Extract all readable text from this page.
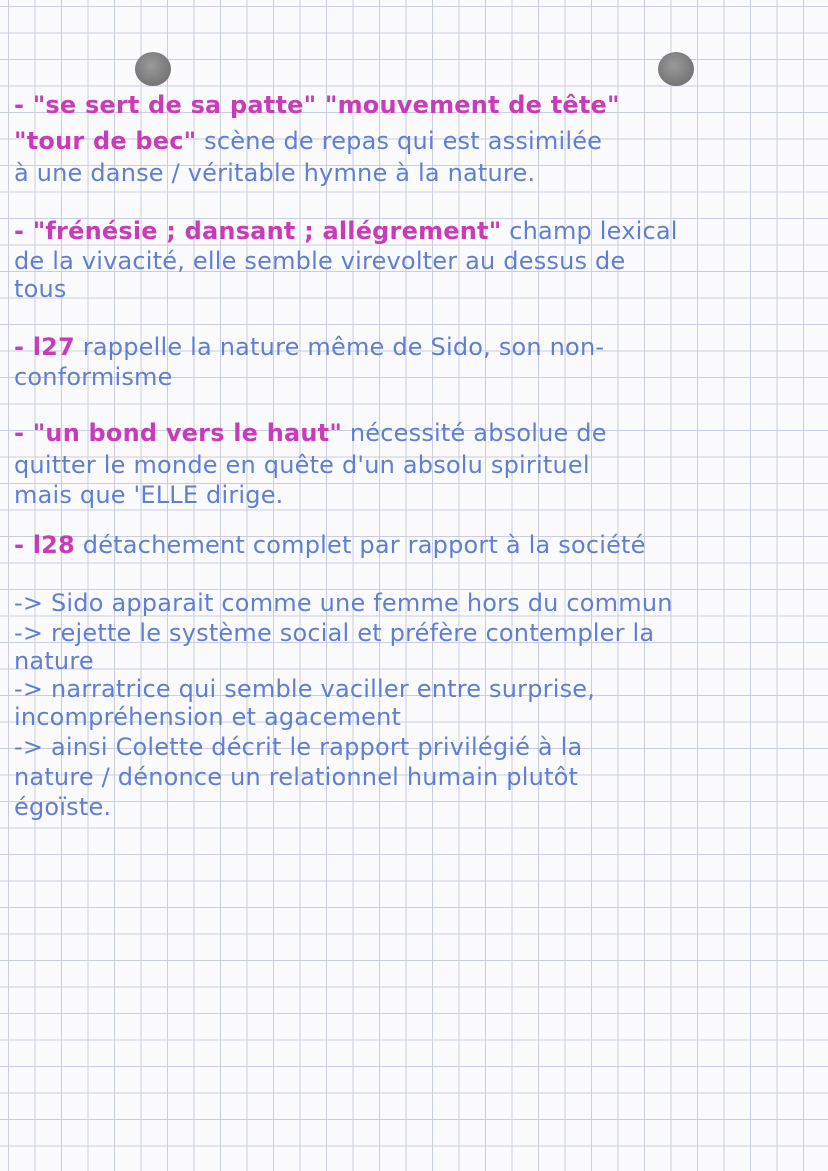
- "se sert de sa patte" "mouvement de tête"
"tour de bec" scène de repas qui est assimilée
à une danse / véritable hymne à la nature.
- "frénésie ; dansant ; allégrement" champ lexical
de la vivacité, elle semble virevolter au dessus de
tous
- l27 rappelle la nature même de Sido, son non-
conformisme
- "un bond vers le haut" nécessité absolue de
quitter le monde en quête d'un absolu spirituel
mais que 'ELLE dirige.
- l28 détachement complet par rapport à la société
-> Sido apparait comme une femme hors du commun
-> rejette le système social et préfère contempler la
nature
-> narratrice qui semble vaciller entre surprise,
incompréhension et agacement
-> ainsi Colette décrit le rapport privilégié à la
nature / dénonce un relationnel humain plutôt
égoïste.
